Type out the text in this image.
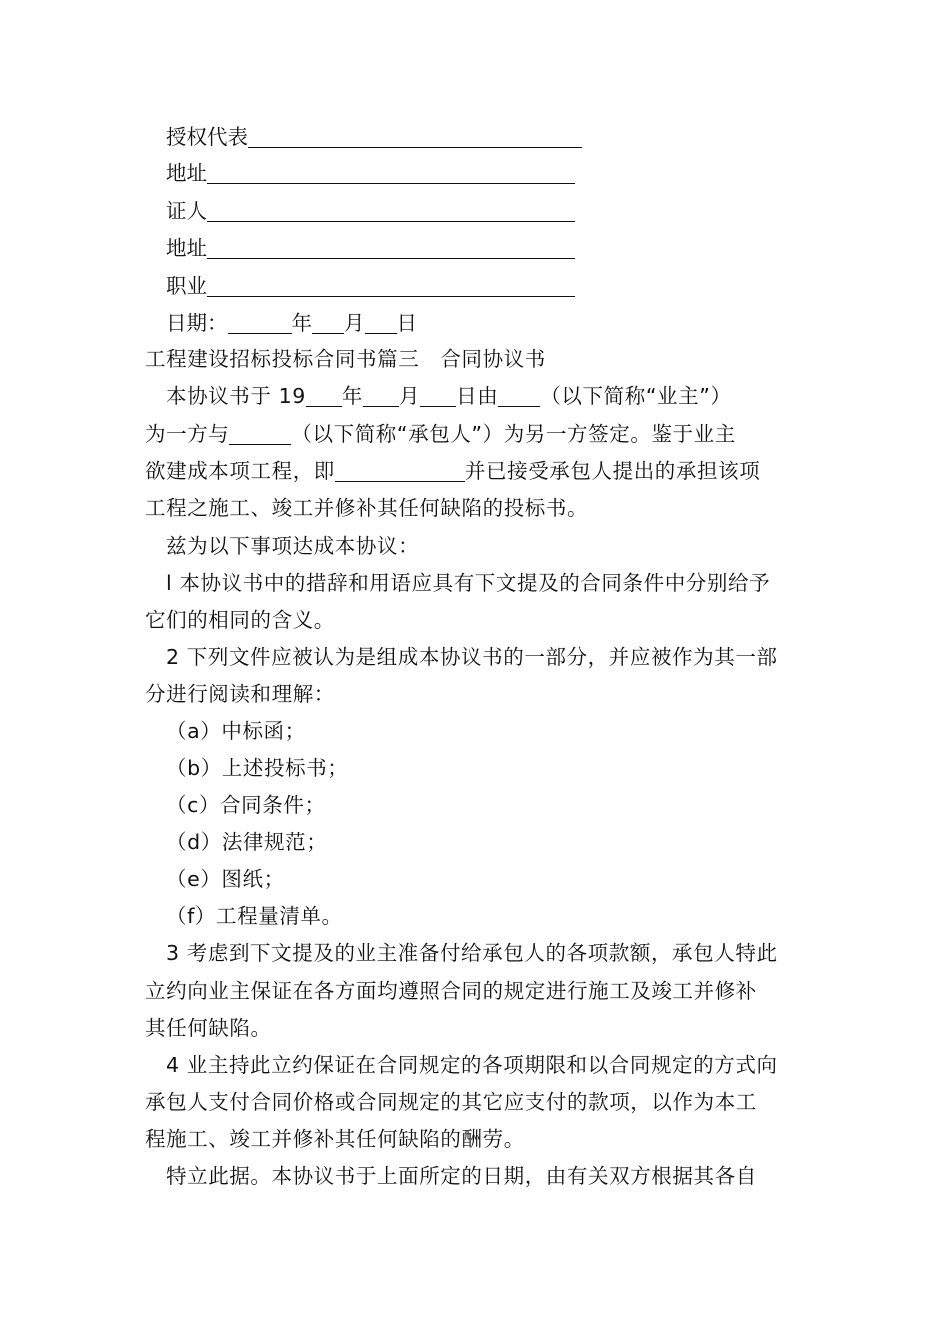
授权代表
地址
证人
地址
职业
日期：	年 月 日
工程建设招标投标合同书篇三　合同协议书
本协议书于 19 年 月 日由 （以下简称“业主”）
为一方与	（以下简称“承包人”）为另一方签定。鉴于业主
欲建成本项工程，即	并已接受承包人提出的承担该项
工程之施工、竣工并修补其任何缺陷的投标书。
兹为以下事项达成本协议：
l 本协议书中的措辞和用语应具有下文提及的合同条件中分别给予
它们的相同的含义。
2 下列文件应被认为是组成本协议书的一部分，并应被作为其一部
分进行阅读和理解：
（a）中标函；
（b）上述投标书；
（c）合同条件；
（d）法律规范；
（e）图纸；
（f）工程量清单。
3 考虑到下文提及的业主准备付给承包人的各项款额，承包人特此
立约向业主保证在各方面均遵照合同的规定进行施工及竣工并修补
其任何缺陷。
4 业主持此立约保证在合同规定的各项期限和以合同规定的方式向
承包人支付合同价格或合同规定的其它应支付的款项，以作为本工
程施工、竣工并修补其任何缺陷的酬劳。
特立此据。本协议书于上面所定的日期，由有关双方根据其各自
